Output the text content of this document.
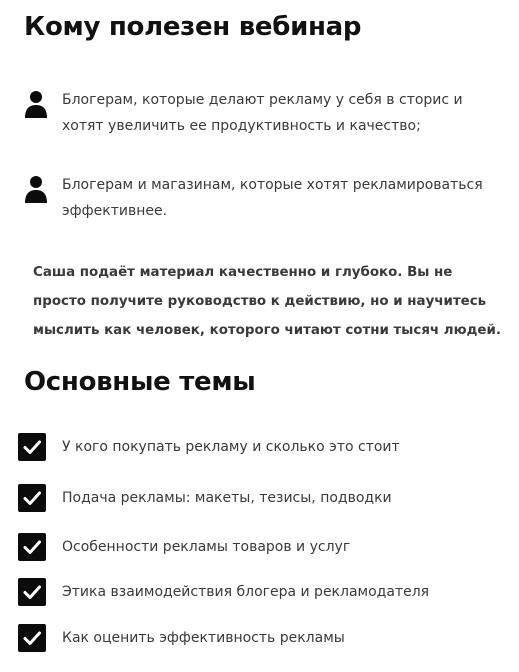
Кому полезен вебинар
Блогерам, которые делают рекламу у себя в сторис и хотят увеличить ее продуктивность и качество;
Блогерам и магазинам, которые хотят рекламироваться эффективнее.
Саша подаёт материал качественно и глубоко. Вы не просто получите руководство к действию, но и научитесь мыслить как человек, которого читают сотни тысяч людей.
Основные темы
У кого покупать рекламу и сколько это стоит
Подача рекламы: макеты, тезисы, подводки
Особенности рекламы товаров и услуг
Этика взаимодействия блогера и рекламодателя
Как оценить эффективность рекламы
